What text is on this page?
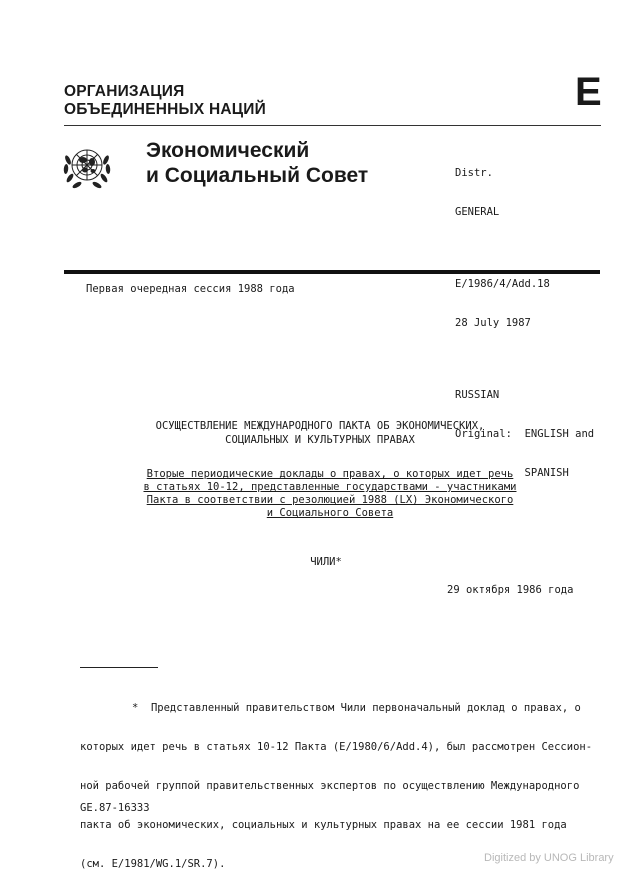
ОРГАНИЗАЦИЯ
ОБЪЕДИНЕННЫХ НАЦИЙ	E
Экономический
и Социальный Совет

	Distr.

GENERAL

E/1986/4/Add.18

28 July 1987

RUSSIAN

Original: ENGLISH and

SPANISH

Первая очередная сессия 1988 года
ОСУЩЕСТВЛЕНИЕ МЕЖДУНАРОДНОГО ПАКТА ОБ ЭКОНОМИЧЕСКИХ,
СОЦИАЛЬНЫХ И КУЛЬТУРНЫХ ПРАВАХ
Вторые периодические доклады о правах, о которых идет речь
в статьях 10-12, представленные государствами - участниками
Пакта в соответствии с резолюцией 1988 (LX) Экономического
и Социального Совета
ЧИЛИ*
29 октября 1986 года

*  Представленный правительством Чили первоначальный доклад о правах, о

которых идет речь в статьях 10-12 Пакта (E/1980/6/Add.4), был рассмотрен Сессион-

ной рабочей группой правительственных экспертов по осуществлению Международного

пакта об экономических, социальных и культурных правах на ее сессии 1981 года

(см. E/1981/WG.1/SR.7).

GE.87-16333
Digitized by UNOG Library
